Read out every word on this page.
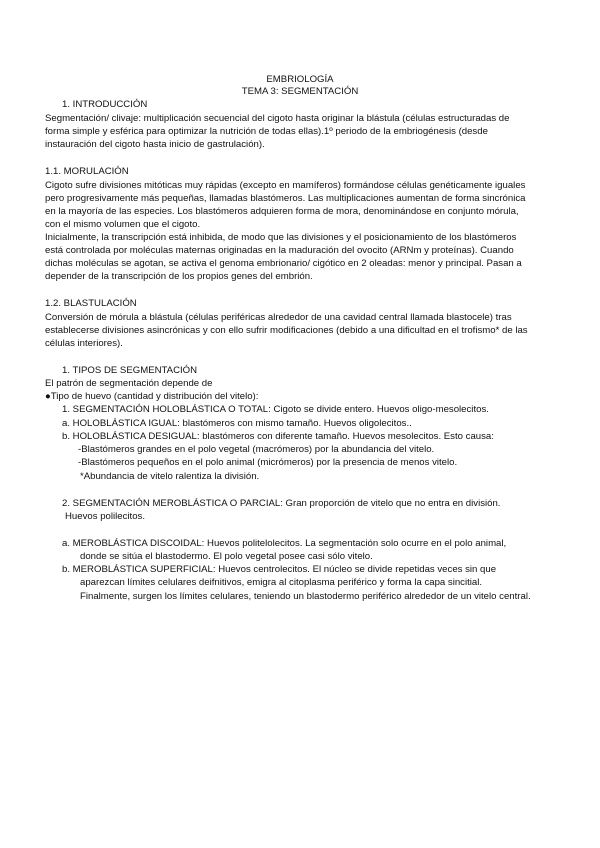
EMBRIOLOGÍA
TEMA 3: SEGMENTACIÓN
1. INTRODUCCIÓN
Segmentación/ clivaje: multiplicación secuencial del cigoto hasta originar la blástula (células estructuradas de
forma simple y esférica para optimizar la nutrición de todas ellas).1º periodo de la embriogénesis (desde
instauración del cigoto hasta inicio de gastrulación).
1.1. MORULACIÓN
Cigoto sufre divisiones mitóticas muy rápidas (excepto en mamíferos) formándose células genéticamente iguales
pero progresivamente más pequeñas, llamadas blastómeros. Las multiplicaciones aumentan de forma sincrónica
en la mayoría de las especies. Los blastómeros adquieren forma de mora, denominándose en conjunto mórula,
con el mismo volumen que el cigoto.
Inicialmente, la transcripción está inhibida, de modo que las divisiones y el posicionamiento de los blastómeros
está controlada por moléculas maternas originadas en la maduración del ovocito (ARNm y proteínas). Cuando
dichas moléculas se agotan, se activa el genoma embrionario/ cigótico en 2 oleadas: menor y principal. Pasan a
depender de la transcripción de los propios genes del embrión.
1.2. BLASTULACIÓN
Conversión de mórula a blástula (células periféricas alrededor de una cavidad central llamada blastocele) tras
establecerse divisiones asincrónicas y con ello sufrir modificaciones (debido a una dificultad en el trofismo* de las
células interiores).
1. TIPOS DE SEGMENTACIÓN
El patrón de segmentación depende de
●Tipo de huevo (cantidad y distribución del vitelo):
1. SEGMENTACIÓN HOLOBLÁSTICA O TOTAL: Cigoto se divide entero. Huevos oligo-mesolecitos.
a. HOLOBLÁSTICA IGUAL: blastómeros con mismo tamaño. Huevos oligolecitos..
b. HOLOBLÁSTICA DESIGUAL: blastómeros con diferente tamaño. Huevos mesolecitos. Esto causa:
-Blastómeros grandes en el polo vegetal (macrómeros) por la abundancia del vitelo.
-Blastómeros pequeños en el polo animal (micrómeros) por la presencia de menos vitelo.
*Abundancia de vitelo ralentiza la división.
2. SEGMENTACIÓN MEROBLÁSTICA O PARCIAL: Gran proporción de vitelo que no entra en división.
Huevos polilecitos.
a. MEROBLÁSTICA DISCOIDAL: Huevos politelolecitos. La segmentación solo ocurre en el polo animal,
donde se sitúa el blastodermo. El polo vegetal posee casi sólo vitelo.
b. MEROBLÁSTICA SUPERFICIAL: Huevos centrolecitos. El núcleo se divide repetidas veces sin que
aparezcan límites celulares deifnitivos, emigra al citoplasma periférico y forma la capa sincitial.
Finalmente, surgen los límites celulares, teniendo un blastodermo periférico alrededor de un vitelo central.
